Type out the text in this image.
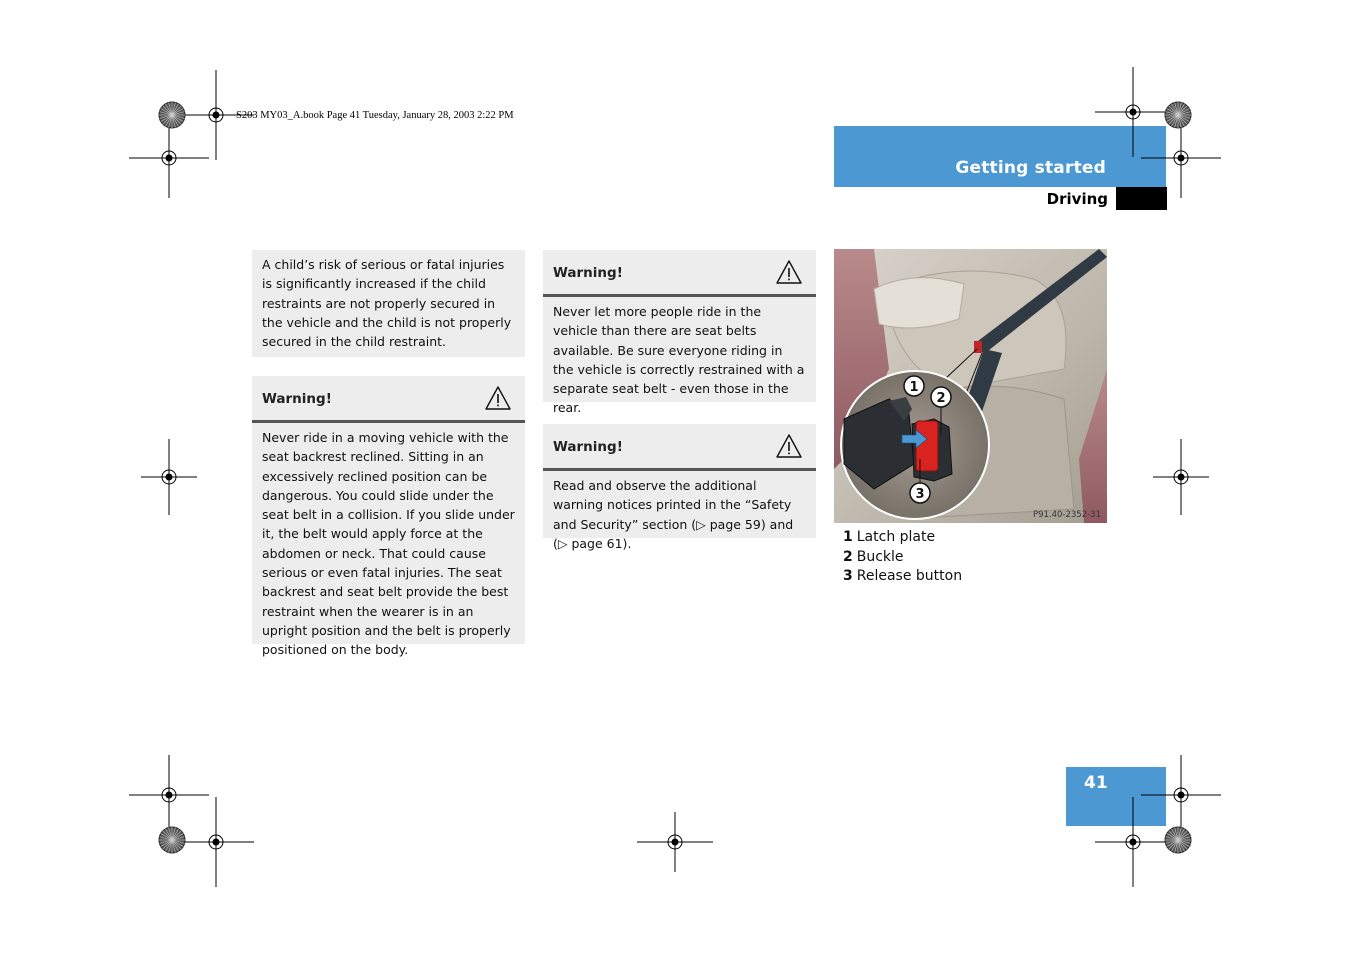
S203 MY03_A.book Page 41 Tuesday, January 28, 2003 2:22 PM
Getting started
Driving
A child’s risk of serious or fatal injuries is significantly increased if the child restraints are not properly secured in the vehicle and the child is not properly secured in the child restraint.
Warning!
Never ride in a moving vehicle with the seat backrest reclined. Sitting in an excessively reclined position can be dangerous. You could slide under the seat belt in a collision. If you slide under it, the belt would apply force at the abdomen or neck. That could cause serious or even fatal injuries. The seat backrest and seat belt provide the best restraint when the wearer is in an upright position and the belt is properly positioned on the body.
Warning!
Never let more people ride in the vehicle than there are seat belts available. Be sure everyone riding in the vehicle is correctly restrained with a separate seat belt - even those in the rear.
Warning!
Read and observe the additional warning notices printed in the “Safety and Security” section (▷ page 59) and (▷ page 61).
1
2
3
P91.40-2352-31
1 Latch plate
2 Buckle
3 Release button
41
